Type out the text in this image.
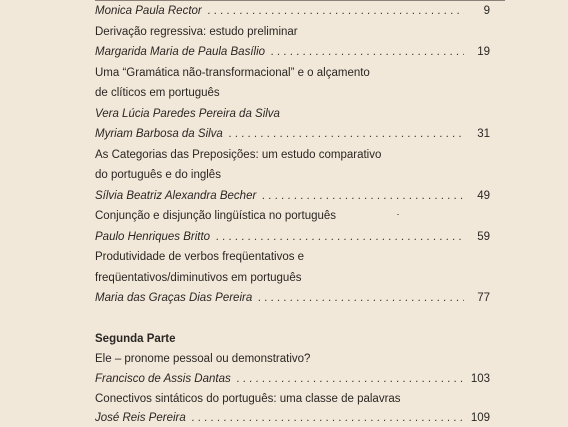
Monica Paula Rector . . .	9
Derivação regressiva: estudo preliminar
Margarida Maria de Paula Basílio . . .	19
Uma “Gramática não-transformacional” e o alçamento
de clíticos em português
Vera Lúcia Paredes Pereira da Silva
Myriam Barbosa da Silva . . .	31
As Categorias das Preposições: um estudo comparativo
do português e do inglês
Sílvia Beatriz Alexandra Becher . . .	49
Conjunção e disjunção lingüística no português
Paulo Henriques Britto . . .	59
Produtividade de verbos freqüentativos e
freqüentativos/diminutivos em português
Maria das Graças Dias Pereira . . .	77
Segunda Parte
Ele – pronome pessoal ou demonstrativo?
Francisco de Assis Dantas . . .	103
Conectivos sintáticos do português: uma classe de palavras
José Reis Pereira . . .	109
